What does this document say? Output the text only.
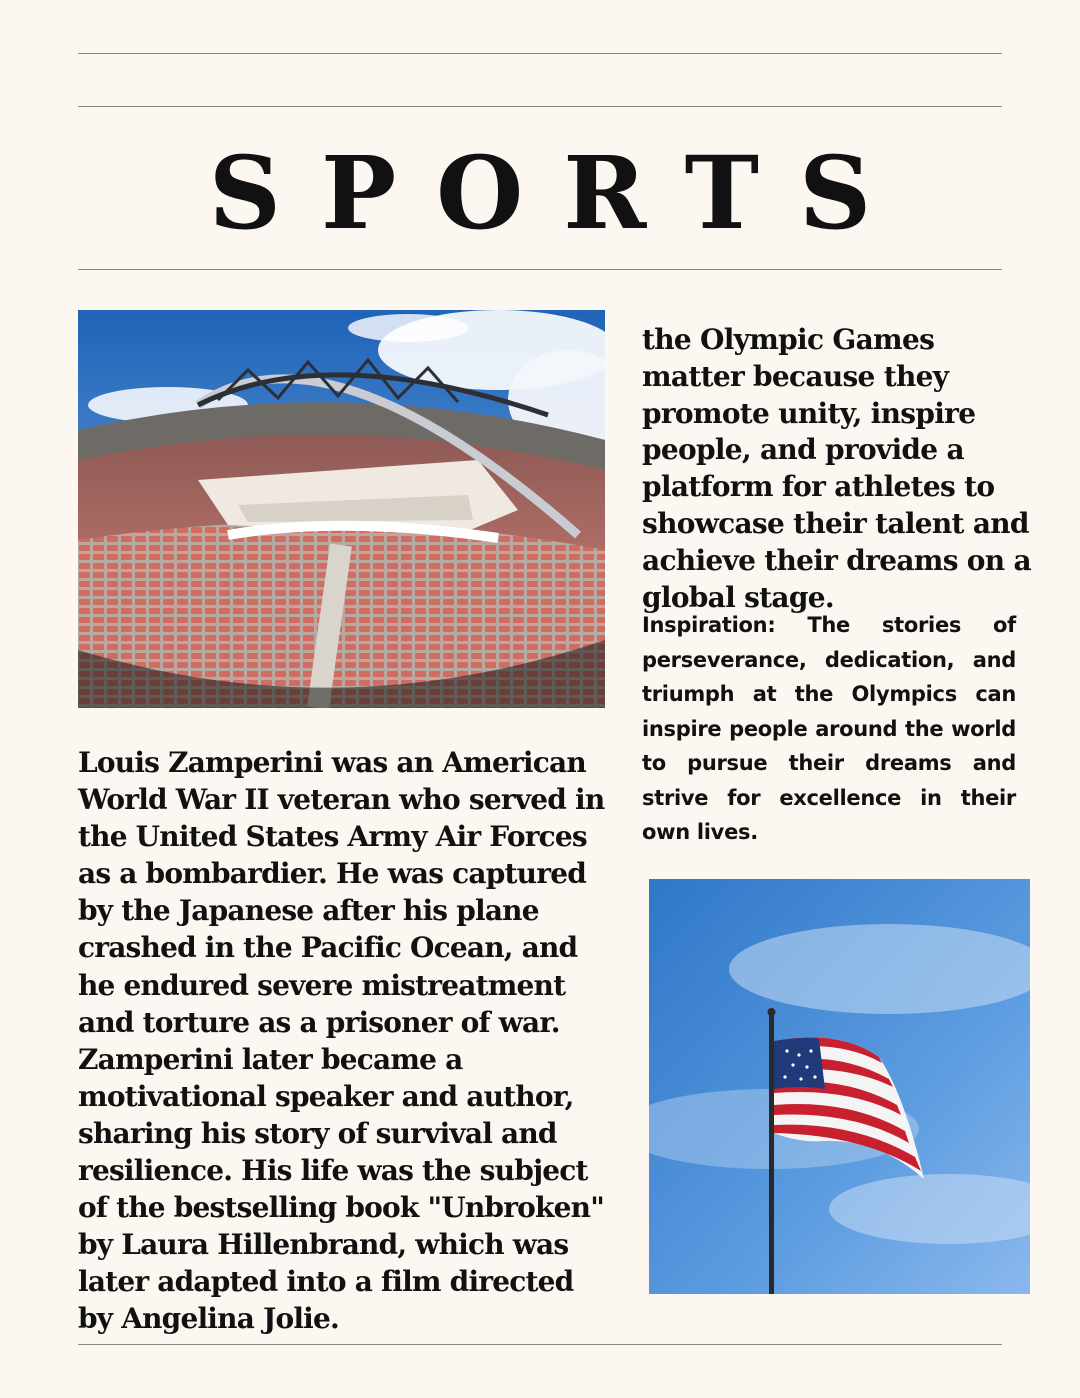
SPORTS

the Olympic Games matter because they promote unity, inspire people, and provide a platform for athletes to showcase their talent and achieve their dreams on a global stage.

Inspiration: The stories of perseverance, dedication, and triumph at the Olympics can inspire people around the world to pursue their dreams and strive for excellence in their own lives.

Louis Zamperini was an American World War II veteran who served in the United States Army Air Forces as a bombardier. He was captured by the Japanese after his plane crashed in the Pacific Ocean, and he endured severe mistreatment and torture as a prisoner of war. Zamperini later became a motivational speaker and author, sharing his story of survival and resilience. His life was the subject of the bestselling book "Unbroken" by Laura Hillenbrand, which was later adapted into a film directed by Angelina Jolie.
